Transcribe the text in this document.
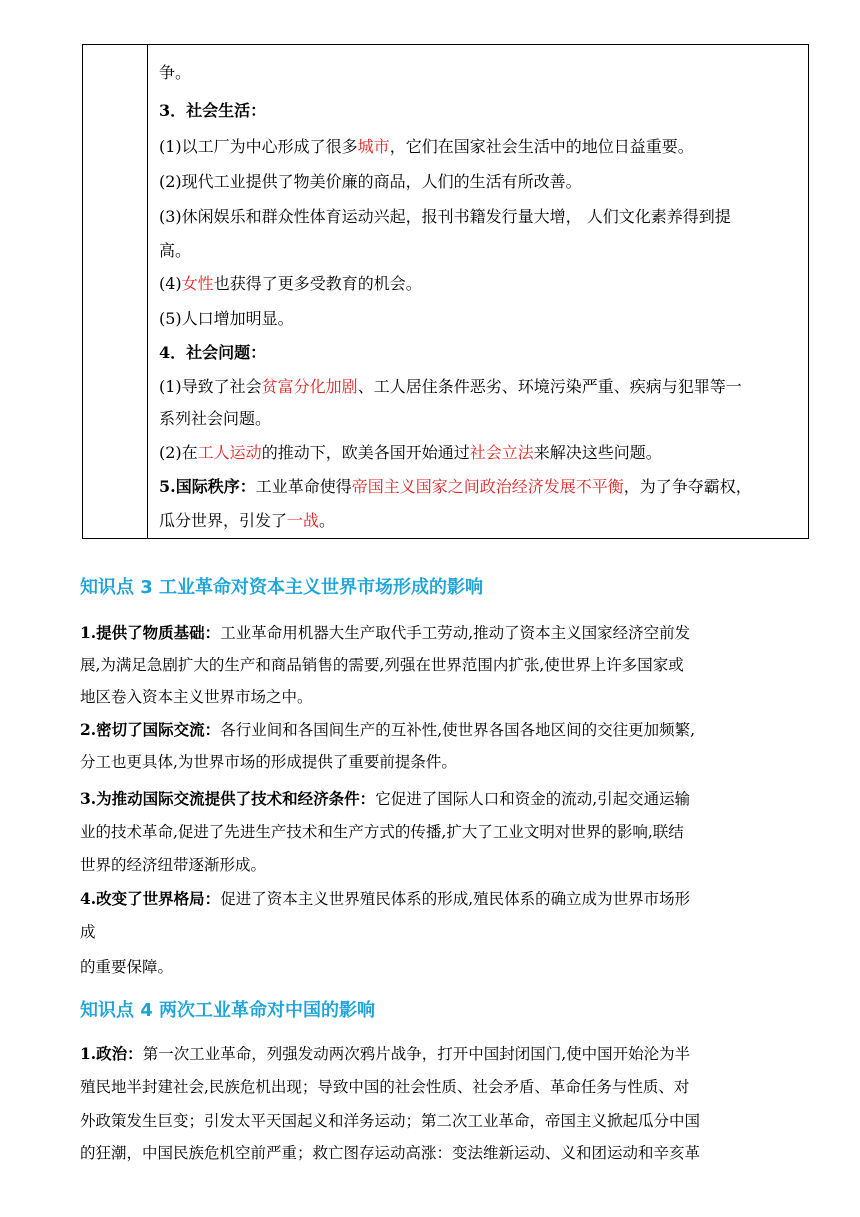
争。
3．社会生活：
(1)以工厂为中心形成了很多城市，它们在国家社会生活中的地位日益重要。
(2)现代工业提供了物美价廉的商品，人们的生活有所改善。
(3)休闲娱乐和群众性体育运动兴起，报刊书籍发行量大增， 人们文化素养得到提
高。
(4)女性也获得了更多受教育的机会。
(5)人口增加明显。
4．社会问题：
(1)导致了社会贫富分化加剧、工人居住条件恶劣、环境污染严重、疾病与犯罪等一
系列社会问题。
(2)在工人运动的推动下，欧美各国开始通过社会立法来解决这些问题。
5.国际秩序：工业革命使得帝国主义国家之间政治经济发展不平衡，为了争夺霸权，
瓜分世界，引发了一战。
知识点 3 工业革命对资本主义世界市场形成的影响
1.提供了物质基础：工业革命用机器大生产取代手工劳动,推动了资本主义国家经济空前发
展,为满足急剧扩大的生产和商品销售的需要,列强在世界范围内扩张,使世界上许多国家或
地区卷入资本主义世界市场之中。
2.密切了国际交流：各行业间和各国间生产的互补性,使世界各国各地区间的交往更加频繁,
分工也更具体,为世界市场的形成提供了重要前提条件。
3.为推动国际交流提供了技术和经济条件：它促进了国际人口和资金的流动,引起交通运输
业的技术革命,促进了先进生产技术和生产方式的传播,扩大了工业文明对世界的影响,联结
世界的经济纽带逐渐形成。
4.改变了世界格局：促进了资本主义世界殖民体系的形成,殖民体系的确立成为世界市场形
成
的重要保障。
知识点 4 两次工业革命对中国的影响
1.政治：第一次工业革命，列强发动两次鸦片战争，打开中国封闭国门,使中国开始沦为半
殖民地半封建社会,民族危机出现；导致中国的社会性质、社会矛盾、革命任务与性质、对
外政策发生巨变；引发太平天国起义和洋务运动；第二次工业革命，帝国主义掀起瓜分中国
的狂潮，中国民族危机空前严重；救亡图存运动高涨：变法维新运动、义和团运动和辛亥革
